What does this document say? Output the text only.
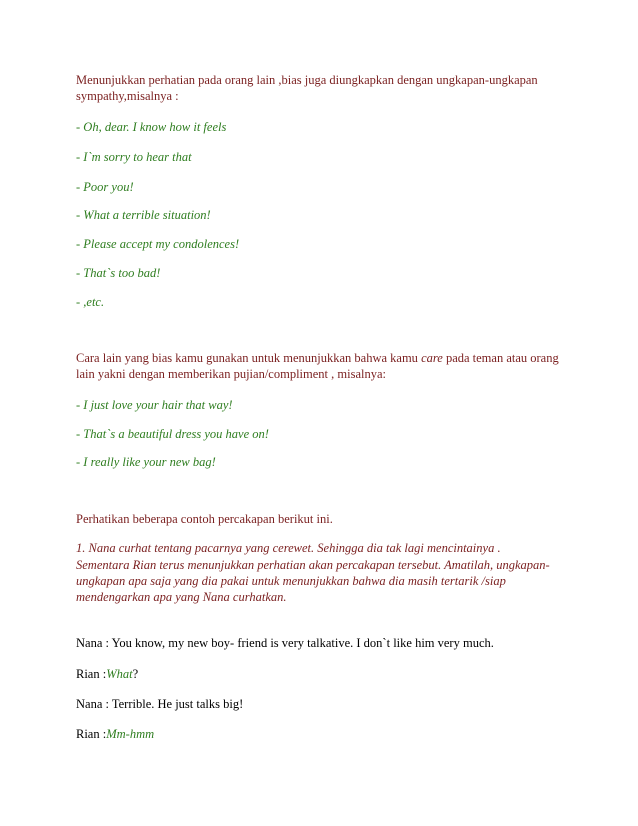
Menunjukkan perhatian pada orang lain ,bias juga diungkapkan dengan ungkapan-ungkapan
sympathy,misalnya :
- Oh, dear. I know how it feels
- I`m sorry to hear that
- Poor you!
- What a terrible situation!
- Please accept my condolences!
- That`s too bad!
- ,etc.
Cara lain yang bias kamu gunakan untuk menunjukkan bahwa kamu care pada teman atau orang
lain yakni dengan memberikan pujian/compliment , misalnya:
- I just love your hair that way!
- That`s a beautiful dress you have on!
- I really like your new bag!
Perhatikan beberapa contoh percakapan berikut ini.
1. Nana curhat tentang pacarnya yang cerewet. Sehingga dia tak lagi mencintainya .
Sementara Rian terus menunjukkan perhatian akan percakapan tersebut. Amatilah, ungkapan-
ungkapan apa saja yang dia pakai untuk menunjukkan bahwa dia masih tertarik /siap
mendengarkan apa yang Nana curhatkan.
Nana : You know, my new boy- friend is very talkative. I don`t like him very much.
Rian :What?
Nana : Terrible. He just talks big!
Rian :Mm-hmm
